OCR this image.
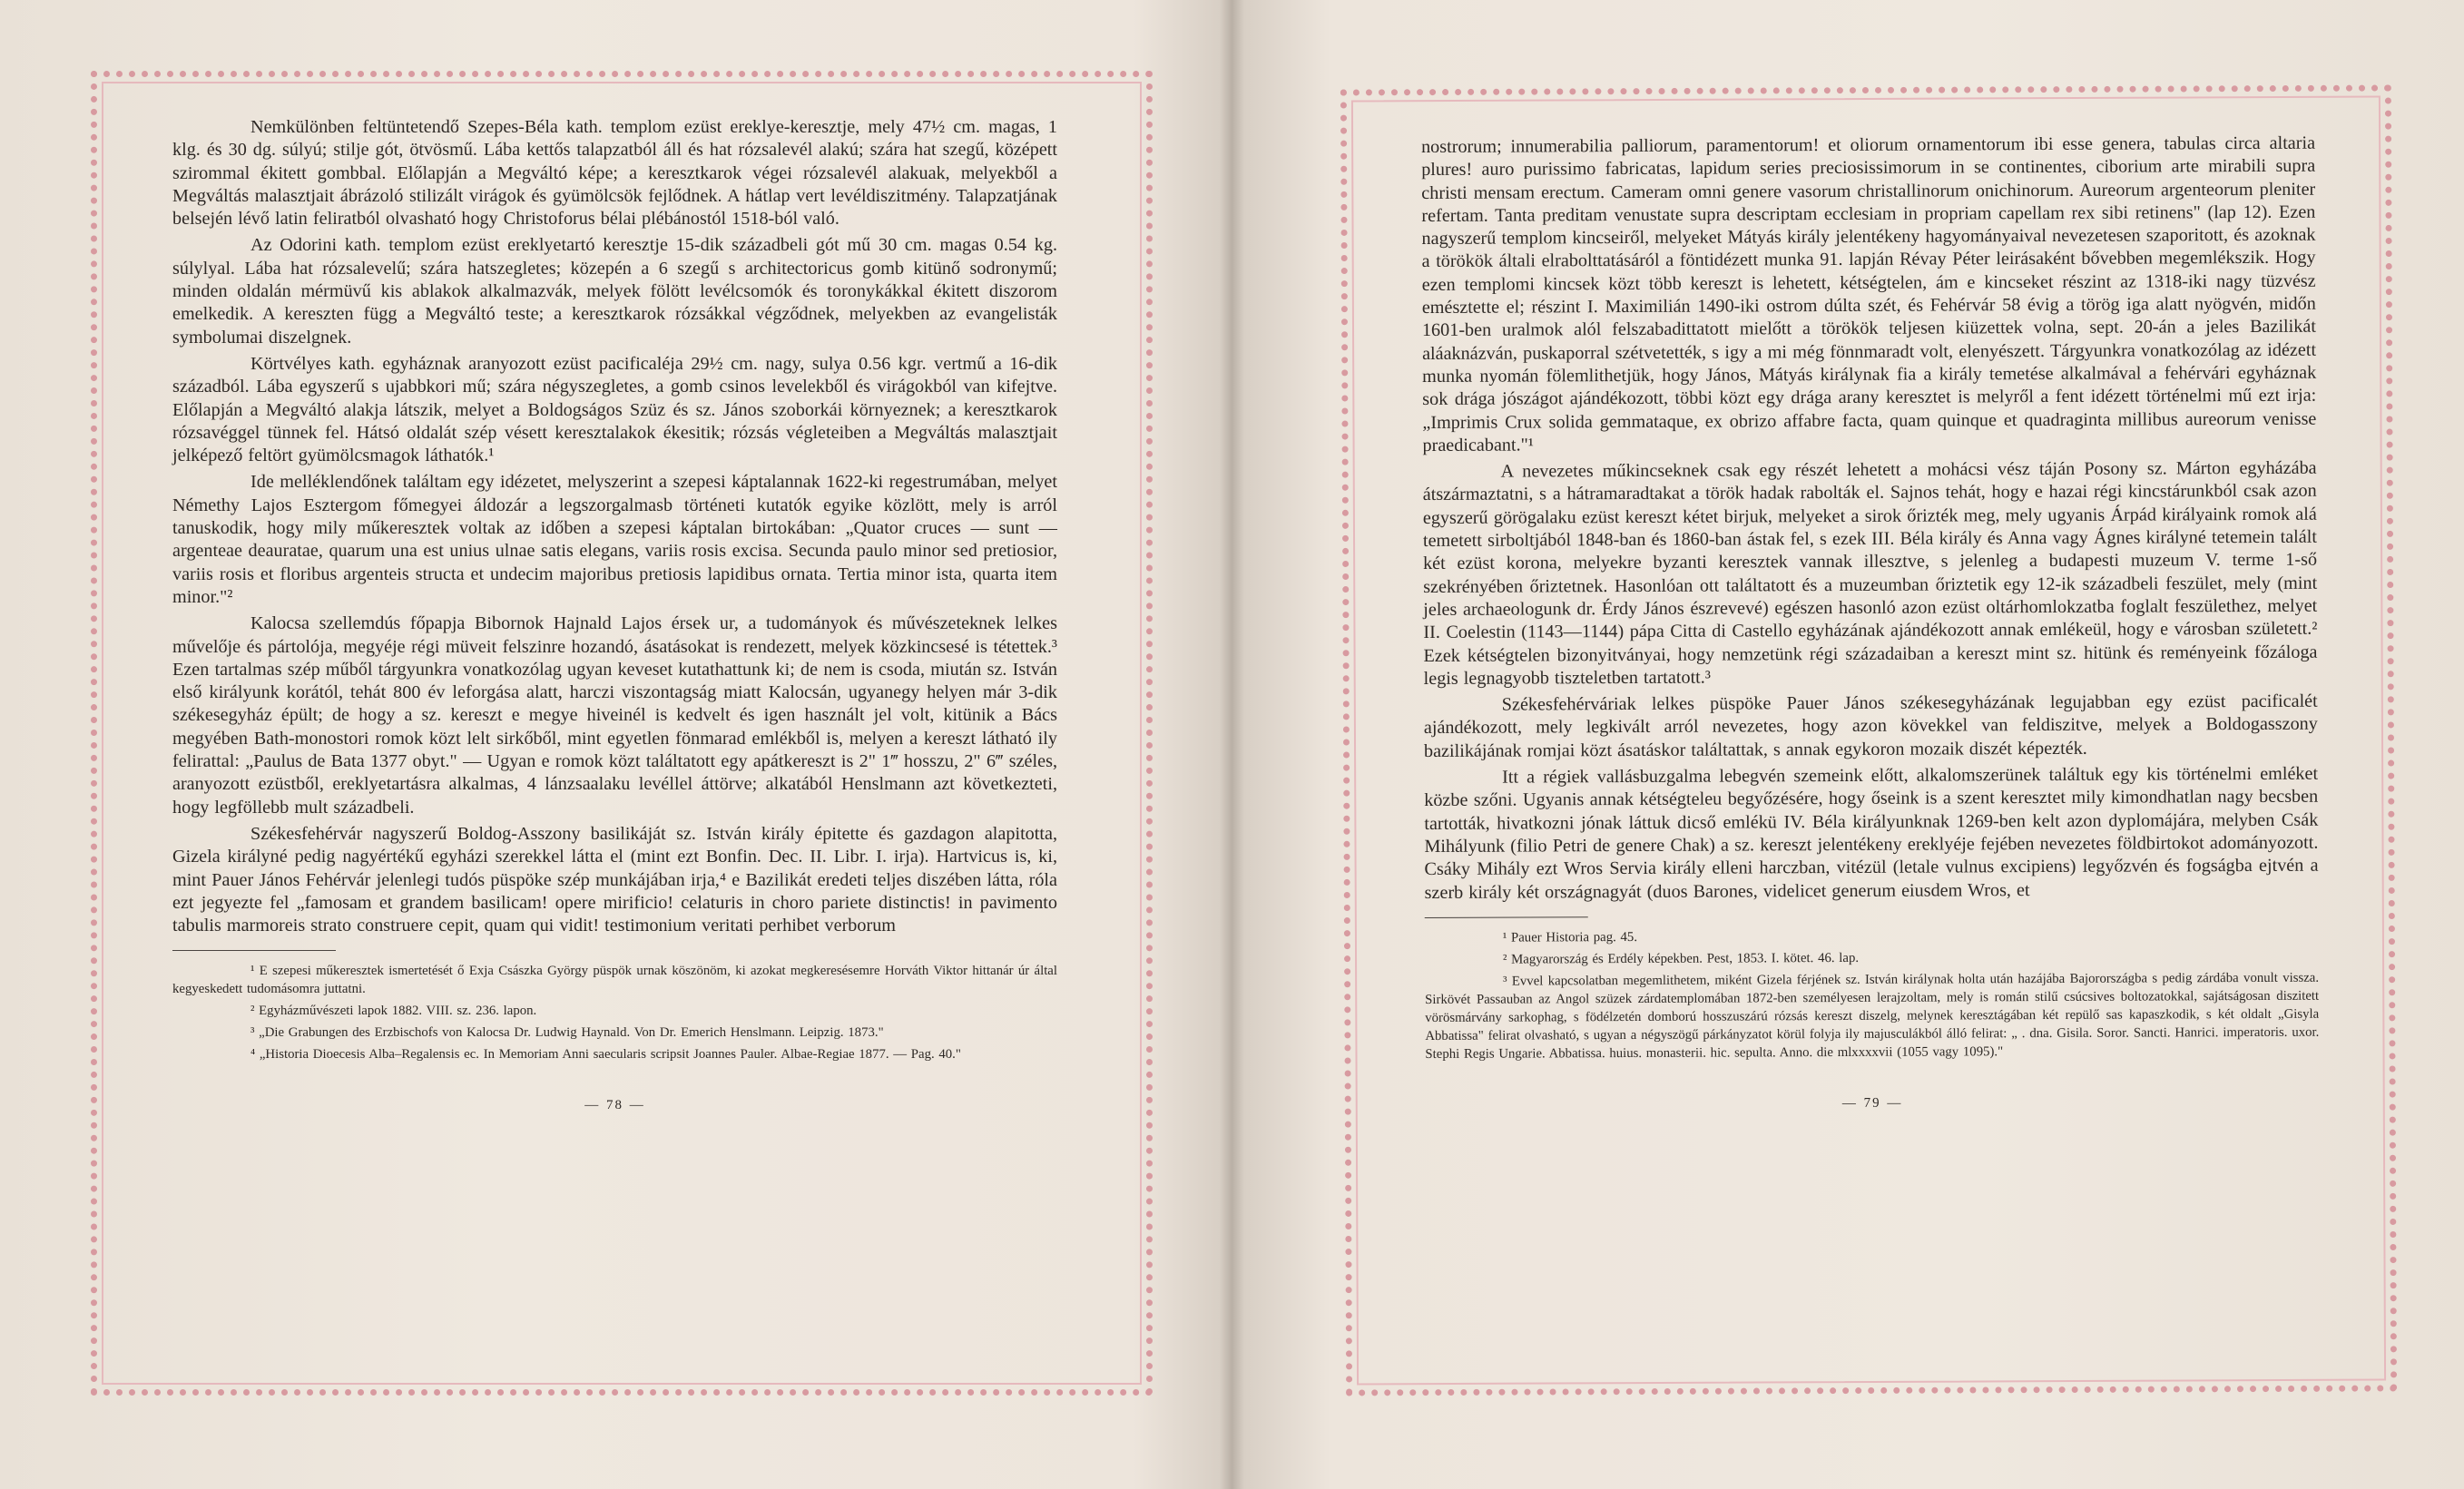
Nemkülönben feltüntetendő Szepes-Béla kath. templom ezüst ereklye-keresztje, mely 47½ cm. magas, 1 klg. és 30 dg. súlyú; stilje gót, ötvösmű. Lába kettős talapzatból áll és hat rózsalevél alakú; szára hat szegű, középett szirommal ékitett gombbal. Előlapján a Megváltó képe; a keresztkarok végei rózsalevél alakuak, melyekből a Megváltás malasztjait ábrázoló stilizált virágok és gyümölcsök fejlődnek. A hátlap vert levéldiszitmény. Talapzatjának belsején lévő latin feliratból olvasható hogy Christoforus bélai plébánostól 1518-ból való.

Az Odorini kath. templom ezüst ereklyetartó keresztje 15-dik századbeli gót mű 30 cm. magas 0.54 kg. súlylyal. Lába hat rózsalevelű; szára hatszegletes; közepén a 6 szegű s architectoricus gomb kitünő sodronymű; minden oldalán mérmüvű kis ablakok alkalmazvák, melyek fölött levélcsomók és toronykákkal ékitett diszorom emelkedik. A kereszten függ a Megváltó teste; a keresztkarok rózsákkal végződnek, melyekben az evangelisták symbolumai diszelgnek.

Körtvélyes kath. egyháznak aranyozott ezüst pacificaléja 29½ cm. nagy, sulya 0.56 kgr. vertmű a 16-dik századból. Lába egyszerű s ujabbkori mű; szára négyszegletes, a gomb csinos levelekből és virágokból van kifejtve. Előlapján a Megváltó alakja látszik, melyet a Boldogságos Szüz és sz. János szoborkái környeznek; a keresztkarok rózsavéggel tünnek fel. Hátsó oldalát szép vésett keresztalakok ékesitik; rózsás végleteiben a Megváltás malasztjait jelképező feltört gyümölcsmagok láthatók.¹

Ide melléklendőnek találtam egy idézetet, melyszerint a szepesi káptalannak 1622-ki regestrumában, melyet Némethy Lajos Esztergom főmegyei áldozár a legszorgalmasb történeti kutatók egyike közlött, mely is arról tanuskodik, hogy mily műkeresztek voltak az időben a szepesi káptalan birtokában: „Quator cruces — sunt — argenteae deauratae, quarum una est unius ulnae satis elegans, variis rosis excisa. Secunda paulo minor sed pretiosior, variis rosis et floribus argenteis structa et undecim majoribus pretiosis lapidibus ornata. Tertia minor ista, quarta item minor."²

Kalocsa szellemdús főpapja Bibornok Hajnald Lajos érsek ur, a tudományok és művészeteknek lelkes művelője és pártolója, megyéje régi müveit felszinre hozandó, ásatásokat is rendezett, melyek közkincsesé is tétettek.³ Ezen tartalmas szép műből tárgyunkra vonatkozólag ugyan keveset kutathattunk ki; de nem is csoda, miután sz. István első királyunk korától, tehát 800 év leforgása alatt, harczi viszontagság miatt Kalocsán, ugyanegy helyen már 3-dik székesegyház épült; de hogy a sz. kereszt e megye hiveinél is kedvelt és igen használt jel volt, kitünik a Bács megyében Bath-monostori romok közt lelt sirkőből, mint egyetlen fönmarad emlékből is, melyen a kereszt látható ily felirattal: „Paulus de Bata 1377 obyt." — Ugyan e romok közt találtatott egy apátkereszt is 2" 1‴ hosszu, 2" 6‴ széles, aranyozott ezüstből, ereklyetartásra alkalmas, 4 lánzsaalaku levéllel áttörve; alkatából Henslmann azt következteti, hogy legföllebb mult századbeli.

Székesfehérvár nagyszerű Boldog-Asszony basilikáját sz. István király épitette és gazdagon alapitotta, Gizela királyné pedig nagyértékű egyházi szerekkel látta el (mint ezt Bonfin. Dec. II. Libr. I. irja). Hartvicus is, ki, mint Pauer János Fehérvár jelenlegi tudós püspöke szép munkájában irja,⁴ e Bazilikát eredeti teljes diszében látta, róla ezt jegyezte fel „famosam et grandem basilicam! opere mirificio! celaturis in choro pariete distinctis! in pavimento tabulis marmoreis strato construere cepit, quam qui vidit! testimonium veritati perhibet verborum

¹ E szepesi műkeresztek ismertetését ő Exja Császka György püspök urnak köszönöm, ki azokat megkeresésemre Horváth Viktor hittanár úr által kegyeskedett tudomásomra juttatni.

² Egyházművészeti lapok 1882. VIII. sz. 236. lapon.

³ „Die Grabungen des Erzbischofs von Kalocsa Dr. Ludwig Haynald. Von Dr. Emerich Henslmann. Leipzig. 1873."

⁴ „Historia Dioecesis Alba–Regalensis ec. In Memoriam Anni saecularis scripsit Joannes Pauler. Albae-Regiae 1877. — Pag. 40."

— 78 —

nostrorum; innumerabilia palliorum, paramentorum! et oliorum ornamentorum ibi esse genera, tabulas circa altaria plures! auro purissimo fabricatas, lapidum series preciosissimorum in se continentes, ciborium arte mirabili supra christi mensam erectum. Cameram omni genere vasorum christallinorum onichinorum. Aureorum argenteorum pleniter refertam. Tanta preditam venustate supra descriptam ecclesiam in propriam capellam rex sibi retinens" (lap 12). Ezen nagyszerű templom kincseiről, melyeket Mátyás király jelentékeny hagyományaival nevezetesen szaporitott, és azoknak a törökök általi elrabolttatásáról a föntidézett munka 91. lapján Révay Péter leirásaként bővebben megemlékszik. Hogy ezen templomi kincsek közt több kereszt is lehetett, kétségtelen, ám e kincseket részint az 1318-iki nagy tüzvész emésztette el; részint I. Maximilián 1490-iki ostrom dúlta szét, és Fehérvár 58 évig a törög iga alatt nyögvén, midőn 1601-ben uralmok alól felszabadittatott mielőtt a törökök teljesen kiüzettek volna, sept. 20-án a jeles Bazilikát aláaknázván, puskaporral szétvetették, s igy a mi még fönnmaradt volt, elenyészett. Tárgyunkra vonatkozólag az idézett munka nyomán fölemlithetjük, hogy János, Mátyás királynak fia a király temetése alkalmával a fehérvári egyháznak sok drága jószágot ajándékozott, többi közt egy drága arany keresztet is melyről a fent idézett történelmi mű ezt irja: „Imprimis Crux solida gemmataque, ex obrizo affabre facta, quam quinque et quadraginta millibus aureorum venisse praedicabant."¹

A nevezetes műkincseknek csak egy részét lehetett a mohácsi vész táján Posony sz. Márton egyházába átszármaztatni, s a hátramaradtakat a török hadak rabolták el. Sajnos tehát, hogy e hazai régi kincstárunkból csak azon egyszerű görögalaku ezüst kereszt kétet birjuk, melyeket a sirok őrizték meg, mely ugyanis Árpád királyaink romok alá temetett sirboltjából 1848-ban és 1860-ban ástak fel, s ezek III. Béla király és Anna vagy Ágnes királyné tetemein talált két ezüst korona, melyekre byzanti keresztek vannak illesztve, s jelenleg a budapesti muzeum V. terme 1-ső szekrényében őriztetnek. Hasonlóan ott találtatott és a muzeumban őriztetik egy 12-ik századbeli feszület, mely (mint jeles archaeologunk dr. Érdy János észrevevé) egészen hasonló azon ezüst oltárhomlokzatba foglalt feszülethez, melyet II. Coelestin (1143—1144) pápa Citta di Castello egyházának ajándékozott annak emlékeül, hogy e városban született.² Ezek kétségtelen bizonyitványai, hogy nemzetünk régi századaiban a kereszt mint sz. hitünk és reményeink főzáloga legis legnagyobb tiszteletben tartatott.³

Székesfehérváriak lelkes püspöke Pauer János székesegyházának legujabban egy ezüst pacificalét ajándékozott, mely legkivált arról nevezetes, hogy azon kövekkel van feldiszitve, melyek a Boldogasszony bazilikájának romjai közt ásatáskor találtattak, s annak egykoron mozaik diszét képezték.

Itt a régiek vallásbuzgalma lebegvén szemeink előtt, alkalomszerünek találtuk egy kis történelmi emléket közbe szőni. Ugyanis annak kétségteleu begyőzésére, hogy őseink is a szent keresztet mily kimondhatlan nagy becsben tartották, hivatkozni jónak láttuk dicső emlékü IV. Béla királyunknak 1269-ben kelt azon dyplomájára, melyben Csák Mihályunk (filio Petri de genere Chak) a sz. kereszt jelentékeny ereklyéje fejében nevezetes földbirtokot adományozott. Csáky Mihály ezt Wros Servia király elleni harczban, vitézül (letale vulnus excipiens) legyőzvén és fogságba ejtvén a szerb király két országnagyát (duos Barones, videlicet generum eiusdem Wros, et

¹ Pauer Historia pag. 45.

² Magyarország és Erdély képekben. Pest, 1853. I. kötet. 46. lap.

³ Evvel kapcsolatban megemlithetem, miként Gizela férjének sz. István királynak holta után hazájába Bajorországba s pedig zárdába vonult vissza. Sirkövét Passauban az Angol szüzek zárdatemplomában 1872-ben személyesen lerajzoltam, mely is román stilű csúcsives boltozatokkal, sajátságosan diszitett vörösmárvány sarkophag, s födélzetén domború hosszuszárú rózsás kereszt diszelg, melynek keresztágában két repülő sas kapaszkodik, s két oldalt „Gisyla Abbatissa" felirat olvasható, s ugyan a négyszögű párkányzatot körül folyja ily majusculákból álló felirat: „ . dna. Gisila. Soror. Sancti. Hanrici. imperatoris. uxor. Stephi Regis Ungarie. Abbatissa. huius. monasterii. hic. sepulta. Anno. die mlxxxxvii (1055 vagy 1095)."

— 79 —
